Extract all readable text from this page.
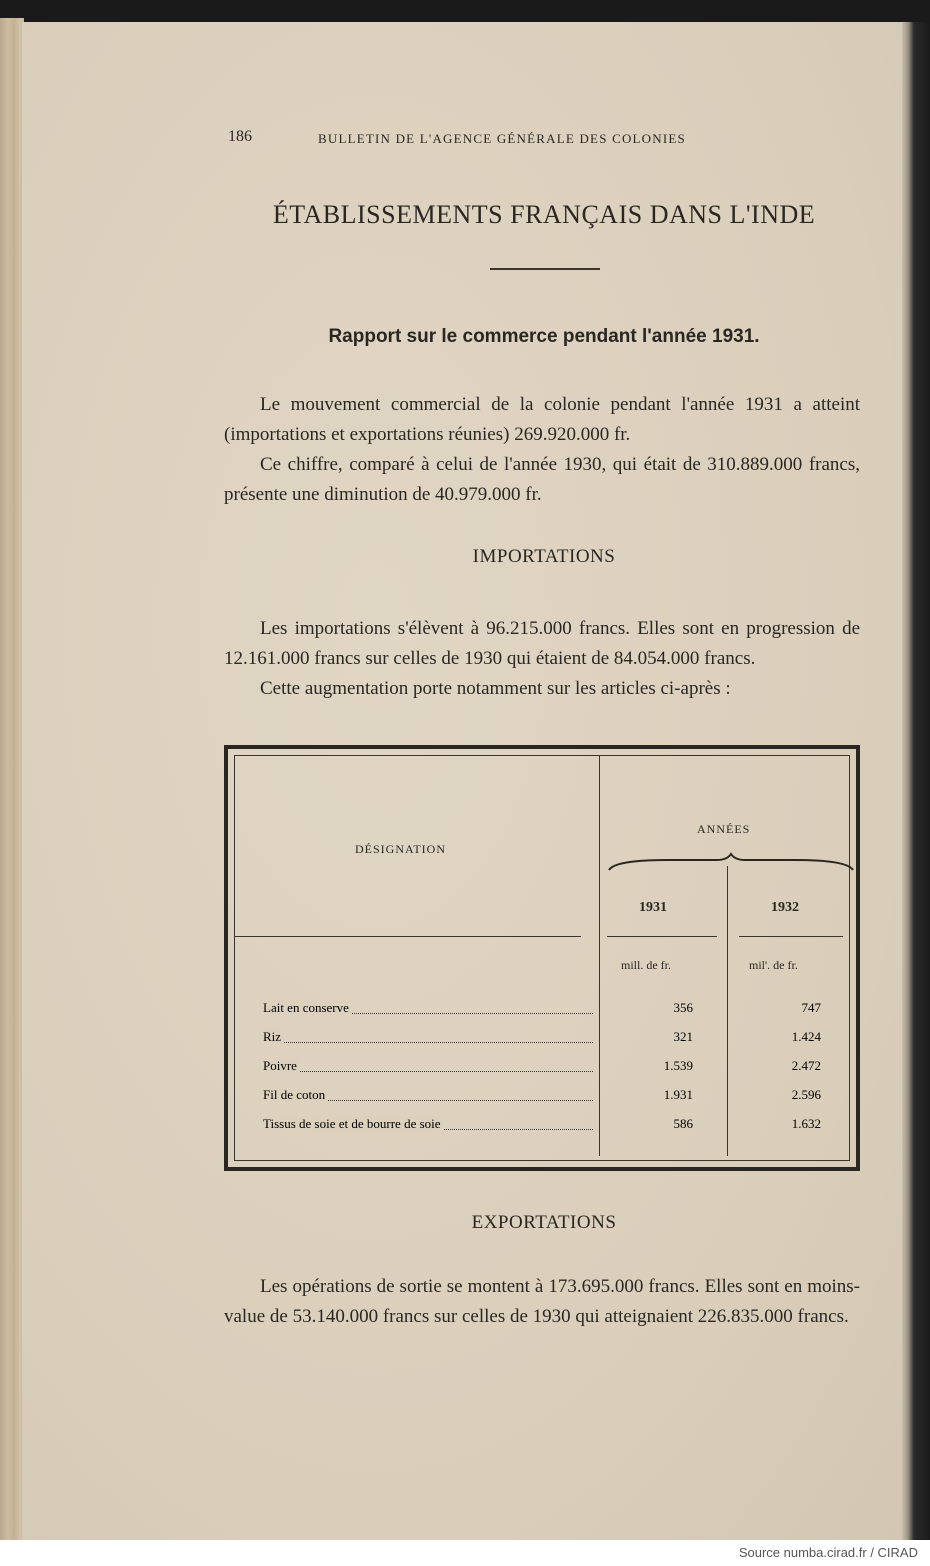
186	BULLETIN DE L'AGENCE GÉNÉRALE DES COLONIES
ÉTABLISSEMENTS FRANÇAIS DANS L'INDE
Rapport sur le commerce pendant l'année 1931.

Le mouvement commercial de la colonie pendant l'année 1931 a atteint (importations et exportations réunies) 269.920.000 fr.

Ce chiffre, comparé à celui de l'année 1930, qui était de 310.889.000 francs, présente une diminution de 40.979.000 fr.

IMPORTATIONS

Les importations s'élèvent à 96.215.000 francs. Elles sont en progression de 12.161.000 francs sur celles de 1930 qui étaient de 84.054.000 francs.

Cette augmentation porte notamment sur les articles ci-après :

DÉSIGNATION
ANNÉES
1931	1932
mill. de fr.	mil'. de fr.
Lait en conserve	356	747
Riz	321	1.424
Poivre	1.539	2.472
Fil de coton	1.931	2.596
Tissus de soie et de bourre de soie	586	1.632
EXPORTATIONS

Les opérations de sortie se montent à 173.695.000 francs. Elles sont en moins-value de 53.140.000 francs sur celles de 1930 qui atteignaient 226.835.000 francs.

Source numba.cirad.fr / CIRAD
